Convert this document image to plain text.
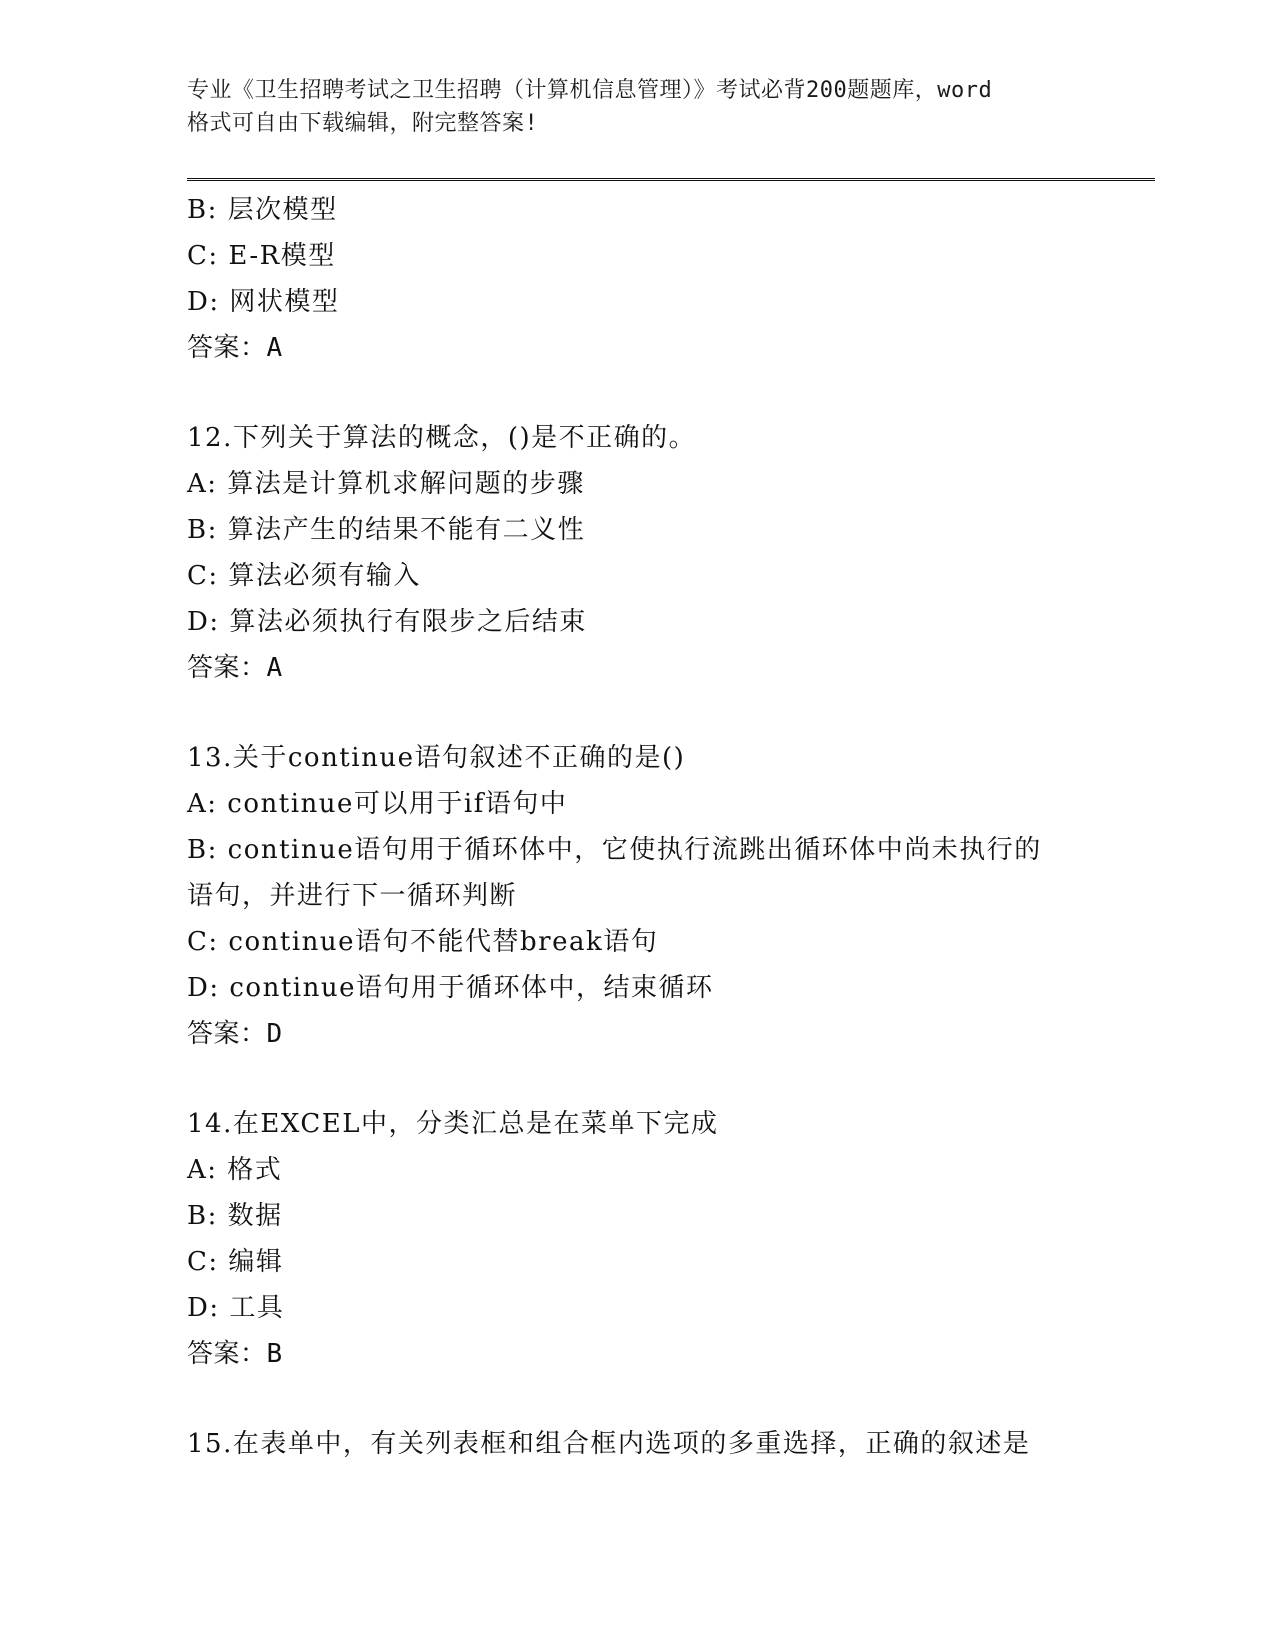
专业《卫生招聘考试之卫生招聘（计算机信息管理）》考试必背200题题库，word
格式可自由下载编辑，附完整答案!
B: 层次模型
C: E-R模型
D: 网状模型
答案：A
12.下列关于算法的概念，()是不正确的。
A: 算法是计算机求解问题的步骤
B: 算法产生的结果不能有二义性
C: 算法必须有输入
D: 算法必须执行有限步之后结束
答案：A
13.关于continue语句叙述不正确的是()
A: continue可以用于if语句中
B: continue语句用于循环体中，它使执行流跳出循环体中尚未执行的
语句，并进行下一循环判断
C: continue语句不能代替break语句
D: continue语句用于循环体中，结束循环
答案：D
14.在EXCEL中，分类汇总是在菜单下完成
A: 格式
B: 数据
C: 编辑
D: 工具
答案：B
15.在表单中，有关列表框和组合框内选项的多重选择，正确的叙述是
